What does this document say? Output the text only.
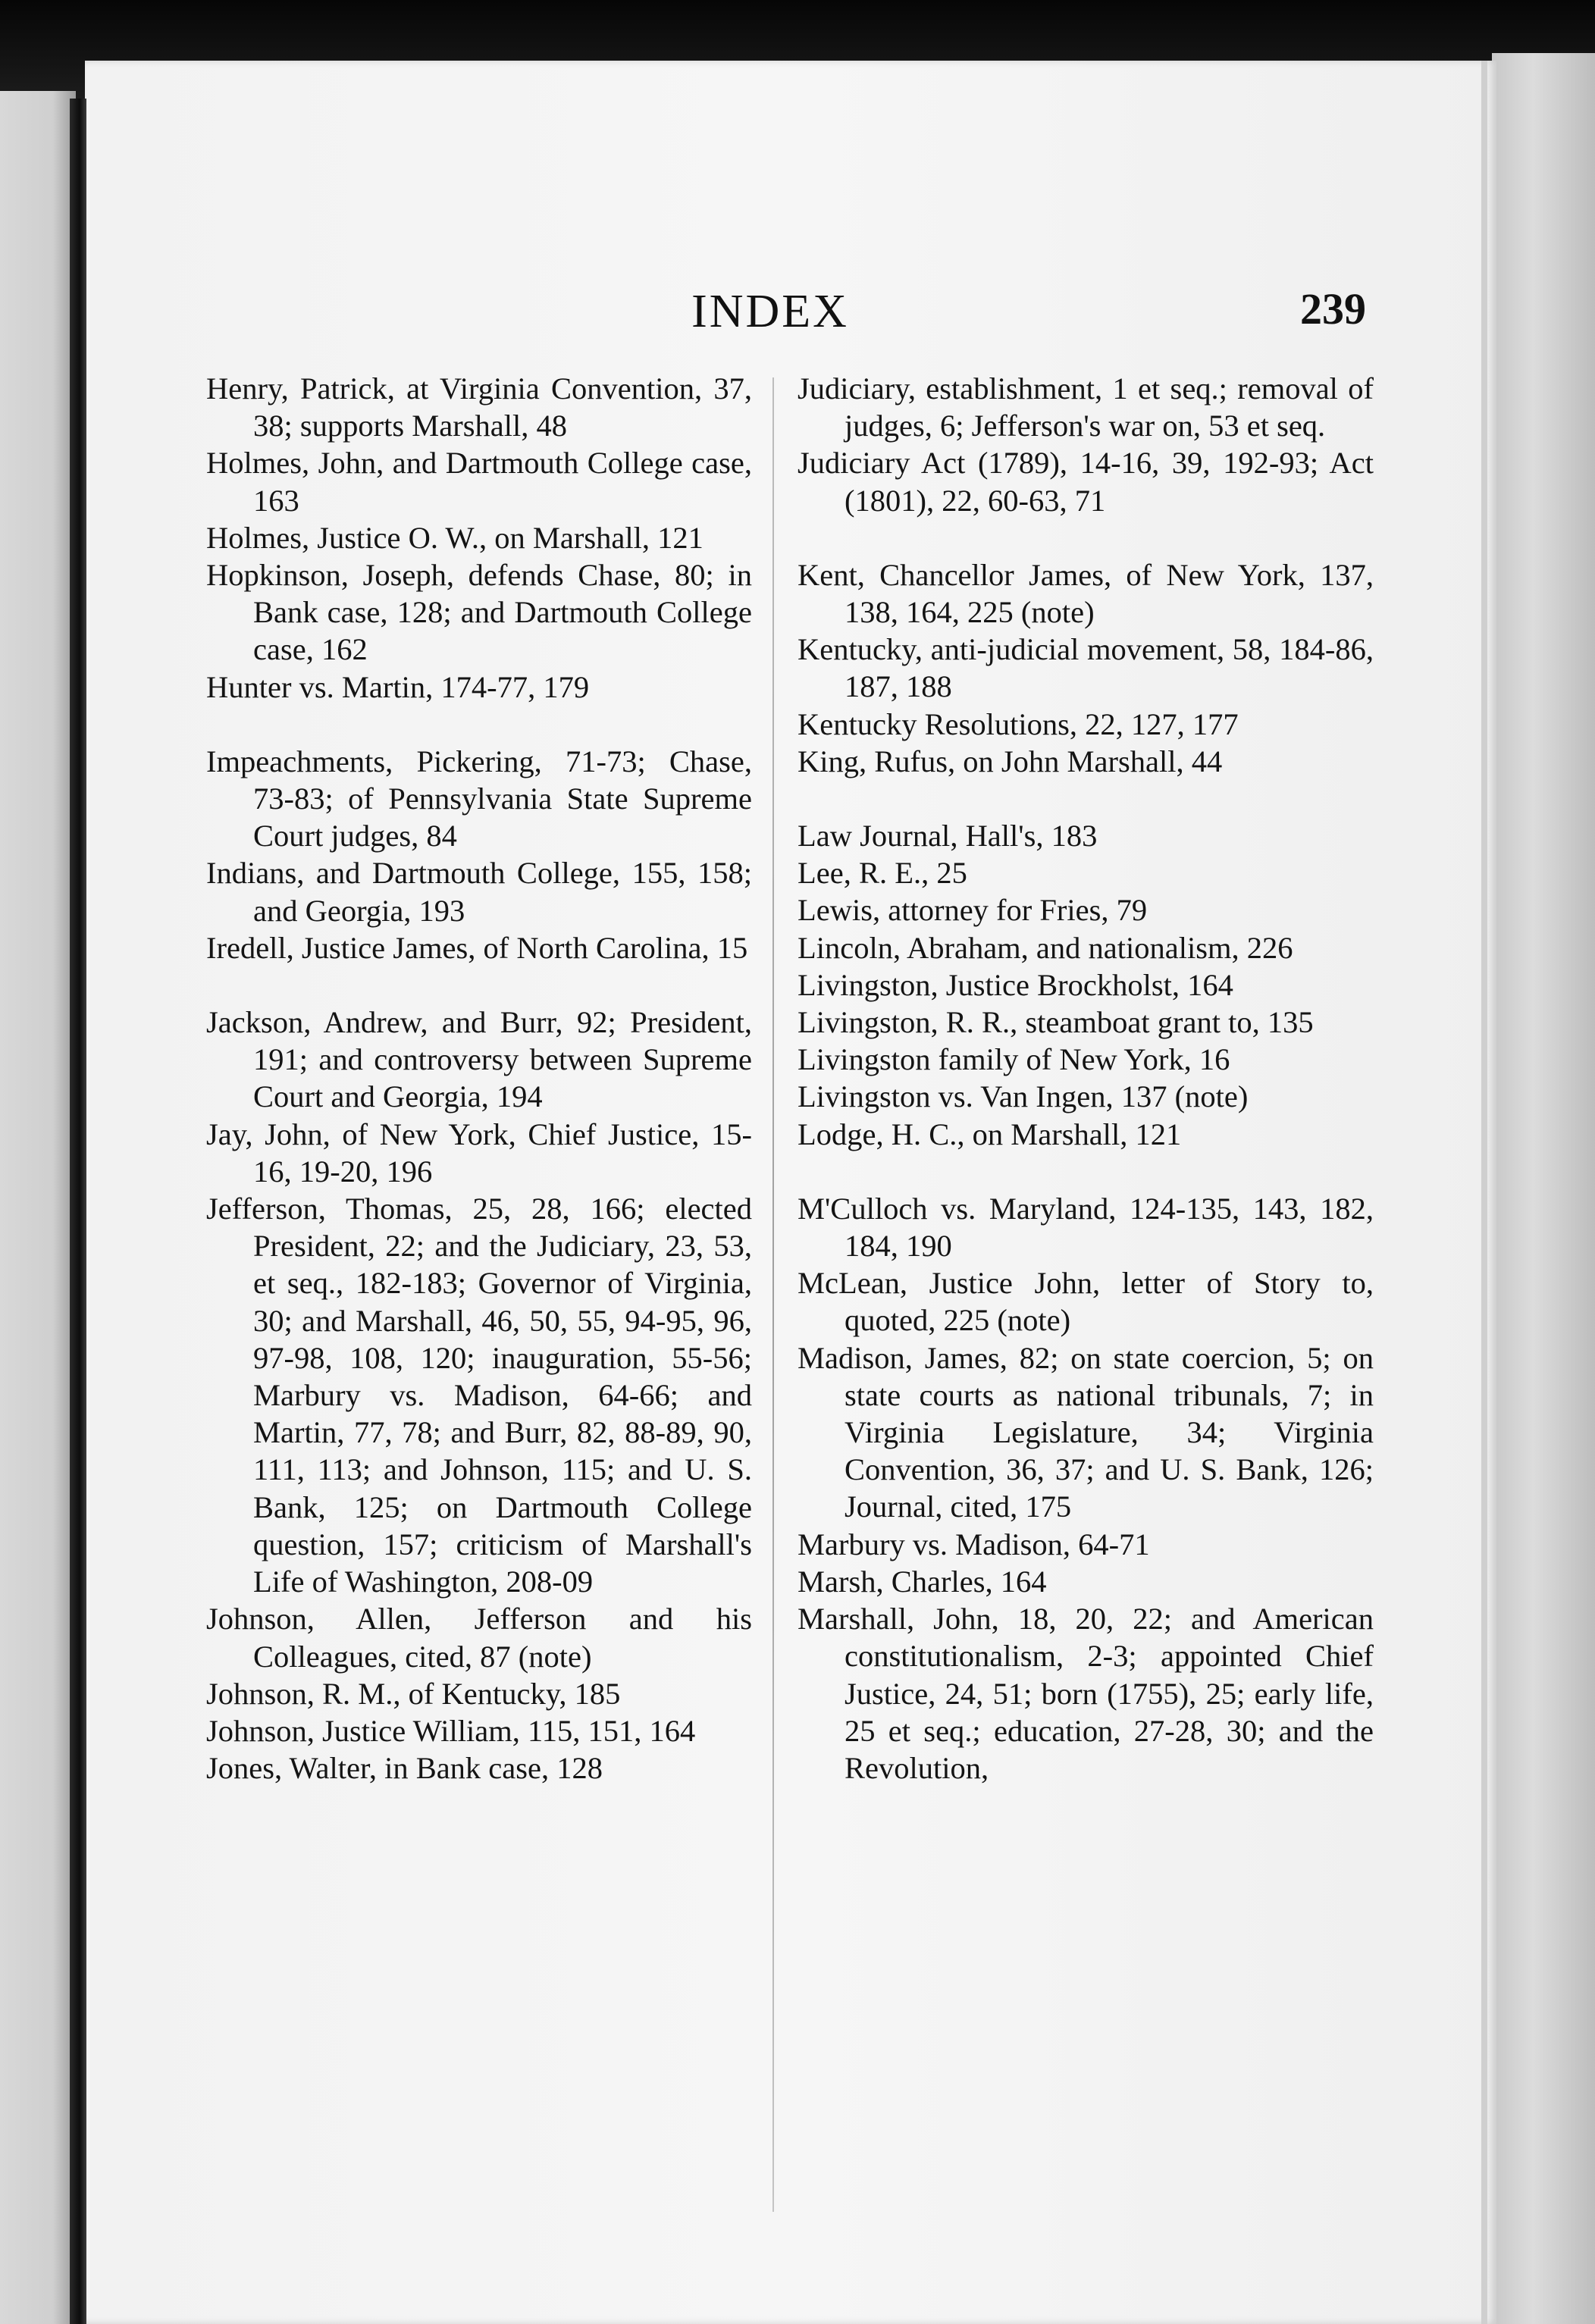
INDEX	239

Henry, Patrick, at Virginia Convention, 37, 38; supports Marshall, 48

Holmes, John, and Dartmouth College case, 163

Holmes, Justice O. W., on Marshall, 121

Hopkinson, Joseph, defends Chase, 80; in Bank case, 128; and Dartmouth College case, 162

Hunter vs. Martin, 174-77, 179

Impeachments, Pickering, 71-73; Chase, 73-83; of Pennsylvania State Supreme Court judges, 84

Indians, and Dartmouth College, 155, 158; and Georgia, 193

Iredell, Justice James, of North Carolina, 15

Jackson, Andrew, and Burr, 92; President, 191; and controversy between Supreme Court and Georgia, 194

Jay, John, of New York, Chief Justice, 15-16, 19-20, 196

Jefferson, Thomas, 25, 28, 166; elected President, 22; and the Judiciary, 23, 53, et seq., 182-183; Governor of Virginia, 30; and Marshall, 46, 50, 55, 94-95, 96, 97-98, 108, 120; inauguration, 55-56; Marbury vs. Madison, 64-66; and Martin, 77, 78; and Burr, 82, 88-89, 90, 111, 113; and Johnson, 115; and U. S. Bank, 125; on Dartmouth College question, 157; criticism of Marshall's Life of Washington, 208-09

Johnson, Allen, Jefferson and his Colleagues, cited, 87 (note)

Johnson, R. M., of Kentucky, 185

Johnson, Justice William, 115, 151, 164

Jones, Walter, in Bank case, 128

Judiciary, establishment, 1 et seq.; removal of judges, 6; Jefferson's war on, 53 et seq.

Judiciary Act (1789), 14-16, 39, 192-93; Act (1801), 22, 60-63, 71

Kent, Chancellor James, of New York, 137, 138, 164, 225 (note)

Kentucky, anti-judicial movement, 58, 184-86, 187, 188

Kentucky Resolutions, 22, 127, 177

King, Rufus, on John Marshall, 44

Law Journal, Hall's, 183

Lee, R. E., 25

Lewis, attorney for Fries, 79

Lincoln, Abraham, and nationalism, 226

Livingston, Justice Brockholst, 164

Livingston, R. R., steamboat grant to, 135

Livingston family of New York, 16

Livingston vs. Van Ingen, 137 (note)

Lodge, H. C., on Marshall, 121

M'Culloch vs. Maryland, 124-135, 143, 182, 184, 190

McLean, Justice John, letter of Story to, quoted, 225 (note)

Madison, James, 82; on state coercion, 5; on state courts as national tribunals, 7; in Virginia Legislature, 34; Virginia Convention, 36, 37; and U. S. Bank, 126; Journal, cited, 175

Marbury vs. Madison, 64-71

Marsh, Charles, 164

Marshall, John, 18, 20, 22; and American constitutionalism, 2-3; appointed Chief Justice, 24, 51; born (1755), 25; early life, 25 et seq.; education, 27-28, 30; and the Revolution,
